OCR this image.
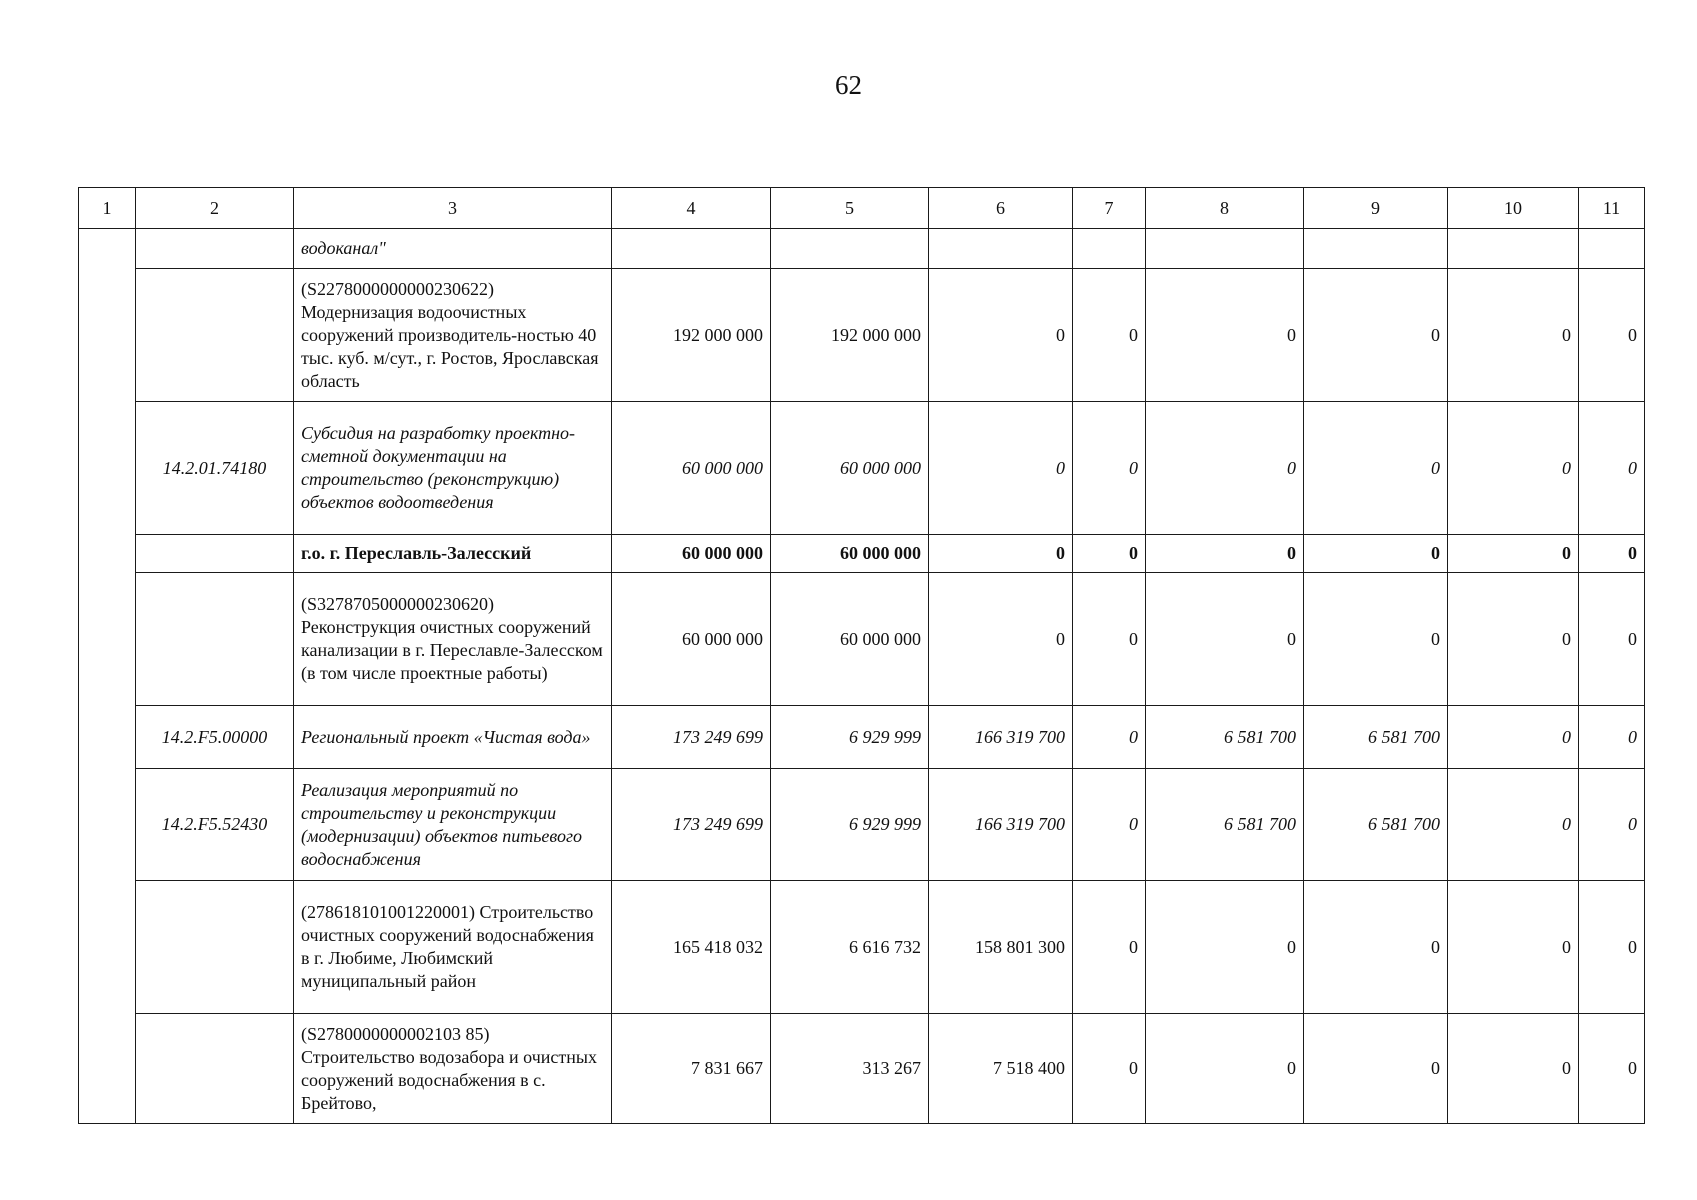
62
1	2	3	4	5	6	7	8	9	10	11
		водоканал"								
		(S2278000000000230622) Модернизация водоочистных сооружений производитель-ностью 40 тыс. куб. м/сут., г. Ростов, Ярославская область	192 000 000	192 000 000	0	0	0	0	0	0
	14.2.01.74180	Субсидия на разработку проектно-сметной документации на строительство (реконструкцию) объектов водоотведения	60 000 000	60 000 000	0	0	0	0	0	0
		г.о. г. Переславль-Залесский	60 000 000	60 000 000	0	0	0	0	0	0
		(S3278705000000230620) Реконструкция очистных сооружений канализации в г. Переславле-Залесском (в том числе проектные работы)	60 000 000	60 000 000	0	0	0	0	0	0
	14.2.F5.00000	Региональный проект «Чистая вода»	173 249 699	6 929 999	166 319 700	0	6 581 700	6 581 700	0	0
	14.2.F5.52430	Реализация мероприятий по строительству и реконструкции (модернизации) объектов питьевого водоснабжения	173 249 699	6 929 999	166 319 700	0	6 581 700	6 581 700	0	0
		(278618101001220001) Строительство очистных сооружений водоснабжения в г. Любиме, Любимский муниципальный район	165 418 032	6 616 732	158 801 300	0	0	0	0	0
		(S2780000000002103 85) Строительство водозабора и очистных сооружений водоснабжения в с. Брейтово,	7 831 667	313 267	7 518 400	0	0	0	0	0
